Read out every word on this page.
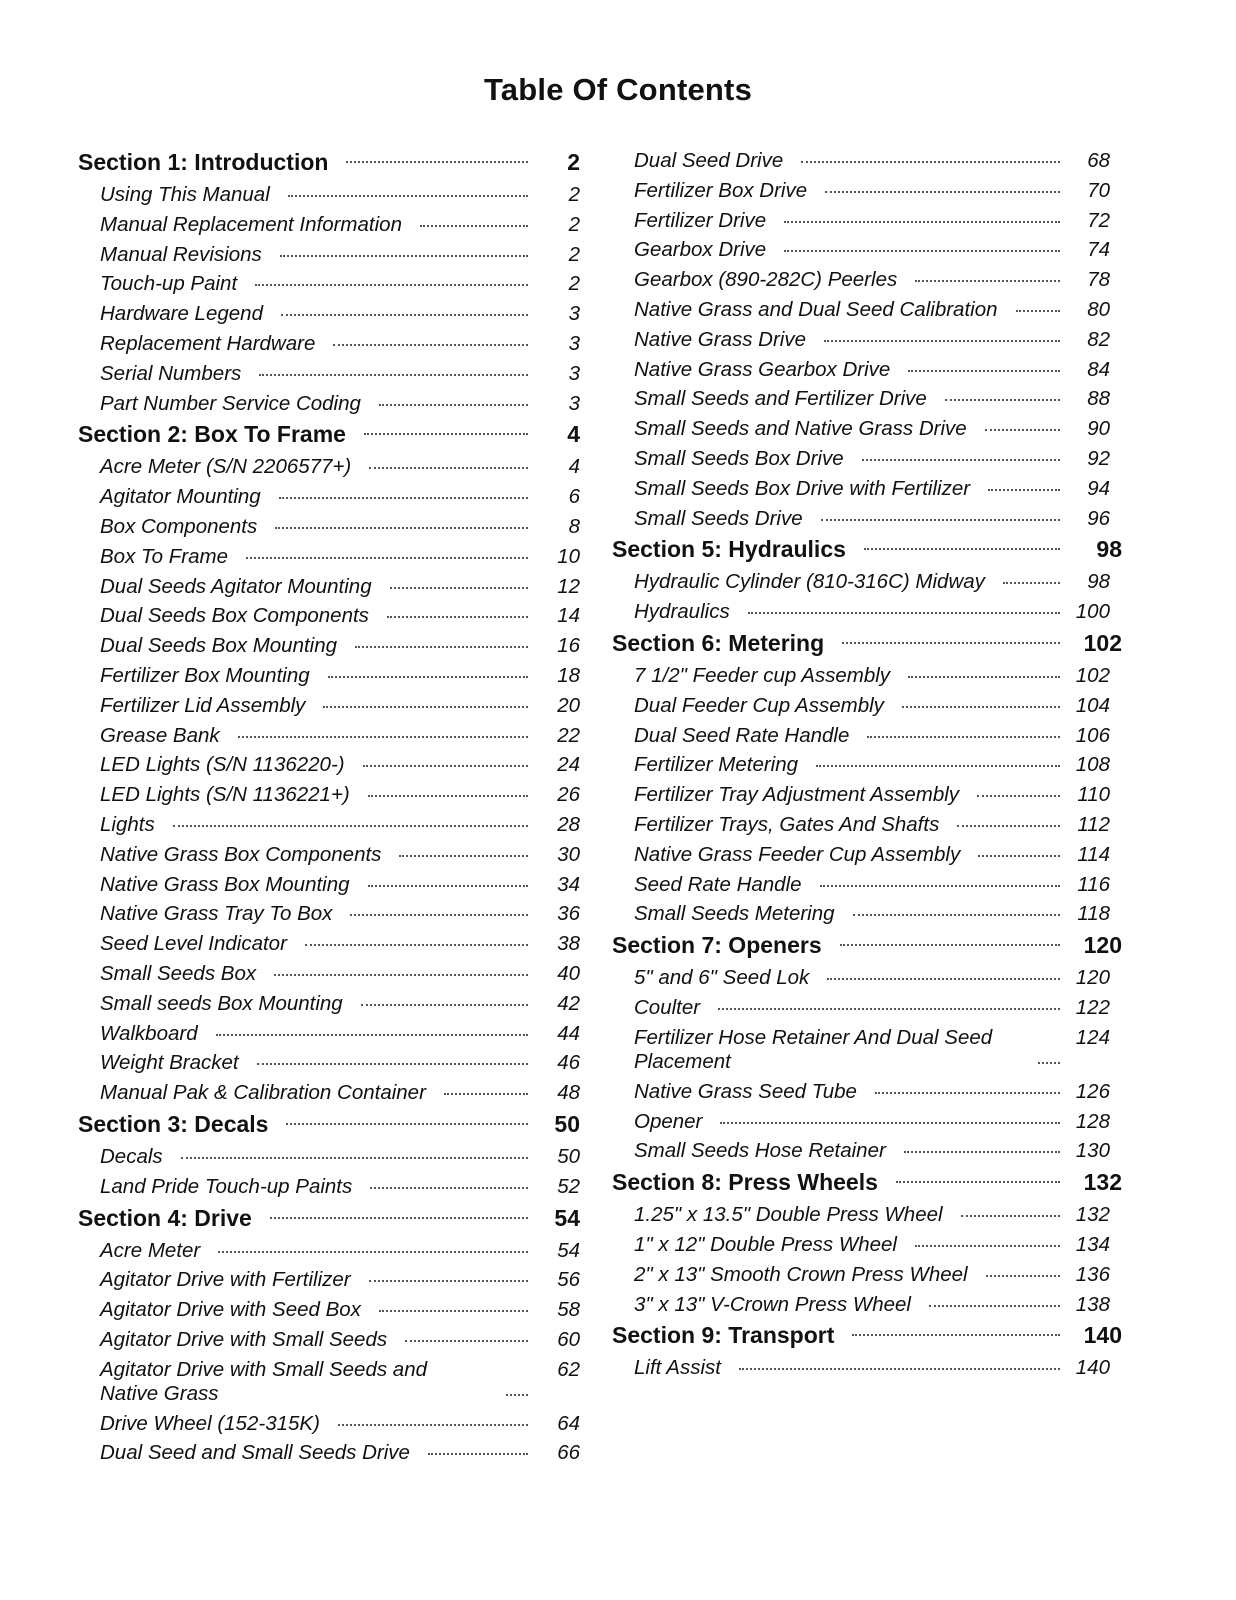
Table Of Contents
Section 1: Introduction	2
Using This Manual	2
Manual Replacement Information	2
Manual Revisions	2
Touch-up Paint	2
Hardware Legend	3
Replacement Hardware	3
Serial Numbers	3
Part Number Service Coding	3
Section 2: Box To Frame	4
Acre Meter (S/N 2206577+)	4
Agitator Mounting	6
Box Components	8
Box To Frame	10
Dual Seeds Agitator Mounting	12
Dual Seeds Box Components	14
Dual Seeds Box Mounting	16
Fertilizer Box Mounting	18
Fertilizer Lid Assembly	20
Grease Bank	22
LED Lights (S/N 1136220-)	24
LED Lights (S/N 1136221+)	26
Lights	28
Native Grass Box Components	30
Native Grass Box Mounting	34
Native Grass Tray To Box	36
Seed Level Indicator	38
Small Seeds Box	40
Small seeds Box Mounting	42
Walkboard	44
Weight Bracket	46
Manual Pak & Calibration Container	48
Section 3: Decals	50
Decals	50
Land Pride Touch-up Paints	52
Section 4: Drive	54
Acre Meter	54
Agitator Drive with Fertilizer	56
Agitator Drive with Seed Box	58
Agitator Drive with Small Seeds	60
Agitator Drive with Small Seeds and Native Grass
62
Drive Wheel (152-315K)	64
Dual Seed and Small Seeds Drive	66
Dual Seed Drive	68
Fertilizer Box Drive	70
Fertilizer Drive	72
Gearbox Drive	74
Gearbox (890-282C) Peerles	78
Native Grass and Dual Seed Calibration	80
Native Grass Drive	82
Native Grass Gearbox Drive	84
Small Seeds and Fertilizer Drive	88
Small Seeds and Native Grass Drive	90
Small Seeds Box Drive	92
Small Seeds Box Drive with Fertilizer	94
Small Seeds Drive	96
Section 5: Hydraulics	98
Hydraulic Cylinder (810-316C) Midway	98
Hydraulics	100
Section 6: Metering	102
7 1/2" Feeder cup Assembly	102
Dual Feeder Cup Assembly	104
Dual Seed Rate Handle	106
Fertilizer Metering	108
Fertilizer Tray Adjustment Assembly	110
Fertilizer Trays, Gates And Shafts	112
Native Grass Feeder Cup Assembly	114
Seed Rate Handle	116
Small Seeds Metering	118
Section 7: Openers	120
5" and 6" Seed Lok	120
Coulter	122
Fertilizer Hose Retainer And Dual Seed Placement
124
Native Grass Seed Tube	126
Opener	128
Small Seeds Hose Retainer	130
Section 8: Press Wheels	132
1.25" x 13.5" Double Press Wheel	132
1" x 12" Double Press Wheel	134
2" x 13" Smooth Crown Press Wheel	136
3" x 13" V-Crown Press Wheel	138
Section 9: Transport	140
Lift Assist	140
